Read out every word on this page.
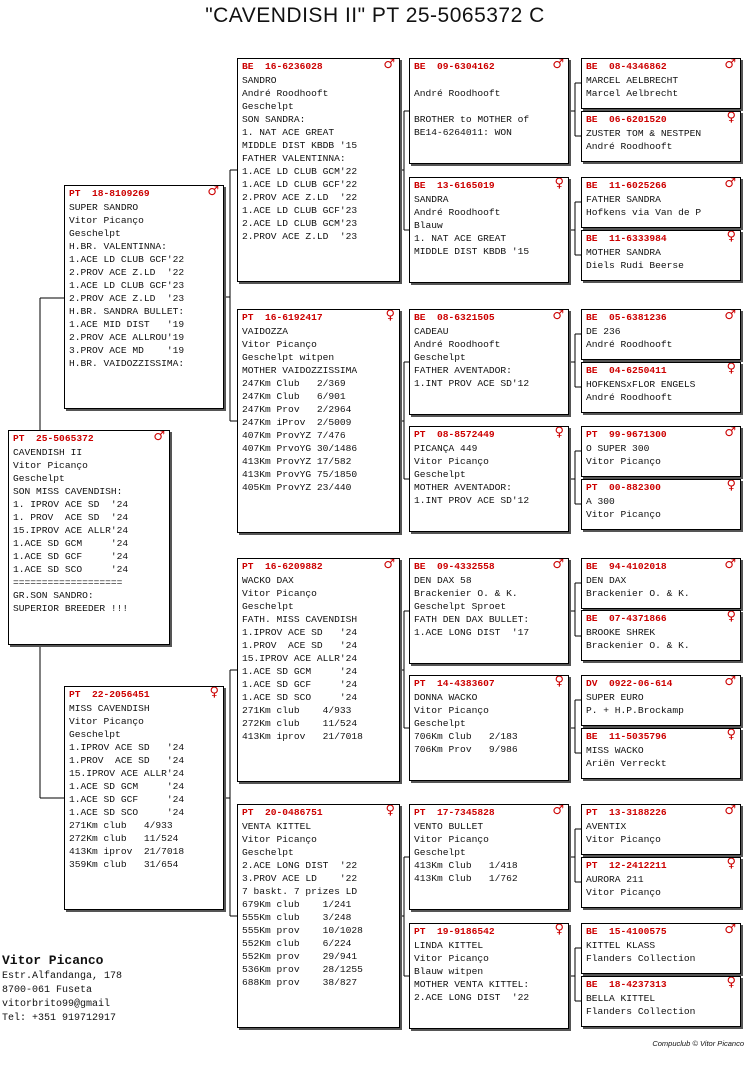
"CAVENDISH II" PT 25-5065372 C
PT  25-5065372	♂
CAVENDISH II
Vitor Picanço
Geschelpt
SON MISS CAVENDISH:
1. IPROV ACE SD  '24
1. PROV  ACE SD  '24
15.IPROV ACE ALLR'24
1.ACE SD GCM     '24
1.ACE SD GCF     '24
1.ACE SD SCO     '24
===================
GR.SON SANDRO:
SUPERIOR BREEDER !!!
PT  18-8109269	♂
SUPER SANDRO
Vitor Picanço
Geschelpt
H.BR. VALENTINNA:
1.ACE LD CLUB GCF'22
2.PROV ACE Z.LD  '22
1.ACE LD CLUB GCF'23
2.PROV ACE Z.LD  '23
H.BR. SANDRA BULLET:
1.ACE MID DIST   '19
2.PROV ACE ALLROU'19
3.PROV ACE MD    '19
H.BR. VAIDOZZISSIMA:
PT  22-2056451	♀
MISS CAVENDISH
Vitor Picanço
Geschelpt
1.IPROV ACE SD   '24
1.PROV  ACE SD   '24
15.IPROV ACE ALLR'24
1.ACE SD GCM     '24
1.ACE SD GCF     '24
1.ACE SD SCO     '24
271Km club   4/933
272Km club   11/524
413Km iprov  21/7018
359Km club   31/654
BE  16-6236028	♂
SANDRO
André Roodhooft
Geschelpt
SON SANDRA:
1. NAT ACE GREAT
MIDDLE DIST KBDB '15
FATHER VALENTINNA:
1.ACE LD CLUB GCM'22
1.ACE LD CLUB GCF'22
2.PROV ACE Z.LD  '22
1.ACE LD CLUB GCF'23
2.ACE LD CLUB GCM'23
2.PROV ACE Z.LD  '23
PT  16-6192417	♀
VAIDOZZA
Vitor Picanço
Geschelpt witpen
MOTHER VAIDOZZISSIMA
247Km Club   2/369
247Km Club   6/901
247Km Prov   2/2964
247Km iProv  2/5009
407Km ProvYZ 7/476
407Km PrvoYG 30/1486
413Km ProvYZ 17/582
413Km ProvYG 75/1850
405Km ProvYZ 23/440
PT  16-6209882	♂
WACKO DAX
Vitor Picanço
Geschelpt
FATH. MISS CAVENDISH
1.IPROV ACE SD   '24
1.PROV  ACE SD   '24
15.IPROV ACE ALLR'24
1.ACE SD GCM     '24
1.ACE SD GCF     '24
1.ACE SD SCO     '24
271Km club    4/933
272Km club    11/524
413Km iprov   21/7018
PT  20-0486751	♀
VENTA KITTEL
Vitor Picanço
Geschelpt
2.ACE LONG DIST  '22
3.PROV ACE LD    '22
7 baskt. 7 prizes LD
679Km club    1/241
555Km club    3/248
555Km prov    10/1028
552Km club    6/224
552Km prov    29/941
536Km prov    28/1255
688Km prov    38/827
BE  09-6304162	♂
André Roodhooft
BROTHER to MOTHER of
BE14-6264011: WON
BE  13-6165019	♀
SANDRA
André Roodhooft
Blauw
1. NAT ACE GREAT
MIDDLE DIST KBDB '15
BE  08-6321505	♂
CADEAU
André Roodhooft
Geschelpt
FATHER AVENTADOR:
1.INT PROV ACE SD'12
PT  08-8572449	♀
PICANÇA 449
Vitor Picanço
Geschelpt
MOTHER AVENTADOR:
1.INT PROV ACE SD'12
BE  09-4332558	♂
DEN DAX 58
Brackenier O. & K.
Geschelpt Sproet
FATH DEN DAX BULLET:
1.ACE LONG DIST  '17
PT  14-4383607	♀
DONNA WACKO
Vitor Picanço
Geschelpt
706Km Club   2/183
706Km Prov   9/986
PT  17-7345828	♂
VENTO BULLET
Vitor Picanço
Geschelpt
413Km Club   1/418
413Km Club   1/762
PT  19-9186542	♀
LINDA KITTEL
Vitor Picanço
Blauw witpen
MOTHER VENTA KITTEL:
2.ACE LONG DIST  '22
BE  08-4346862	♂
MARCEL AELBRECHT
Marcel Aelbrecht
BE  06-6201520	♀
ZUSTER TOM & NESTPEN
André Roodhooft
BE  11-6025266	♂
FATHER SANDRA
Hofkens via Van de P
BE  11-6333984	♀
MOTHER SANDRA
Diels Rudi Beerse
BE  05-6381236	♂
DE 236
André Roodhooft
BE  04-6250411	♀
HOFKENSxFLOR ENGELS
André Roodhooft
PT  99-9671300	♂
O SUPER 300
Vitor Picanço
PT  00-882300	♀
A 300
Vitor Picanço
BE  94-4102018	♂
DEN DAX
Brackenier O. & K.
BE  07-4371866	♀
BROOKE SHREK
Brackenier O. & K.
DV  0922-06-614	♂
SUPER EURO
P. + H.P.Brockamp
BE  11-5035796	♀
MISS WACKO
Ariën Verreckt
PT  13-3188226	♂
AVENTIX
Vitor Picanço
PT  12-2412211	♀
AURORA 211
Vitor Picanço
BE  15-4100575	♂
KITTEL KLASS
Flanders Collection
BE  18-4237313	♀
BELLA KITTEL
Flanders Collection
Vitor Picanco
Estr.Alfandanga, 178
8700-061 Fuseta
vitorbrito99@gmail
Tel: +351 919712917
Compuclub © Vitor Picanco
